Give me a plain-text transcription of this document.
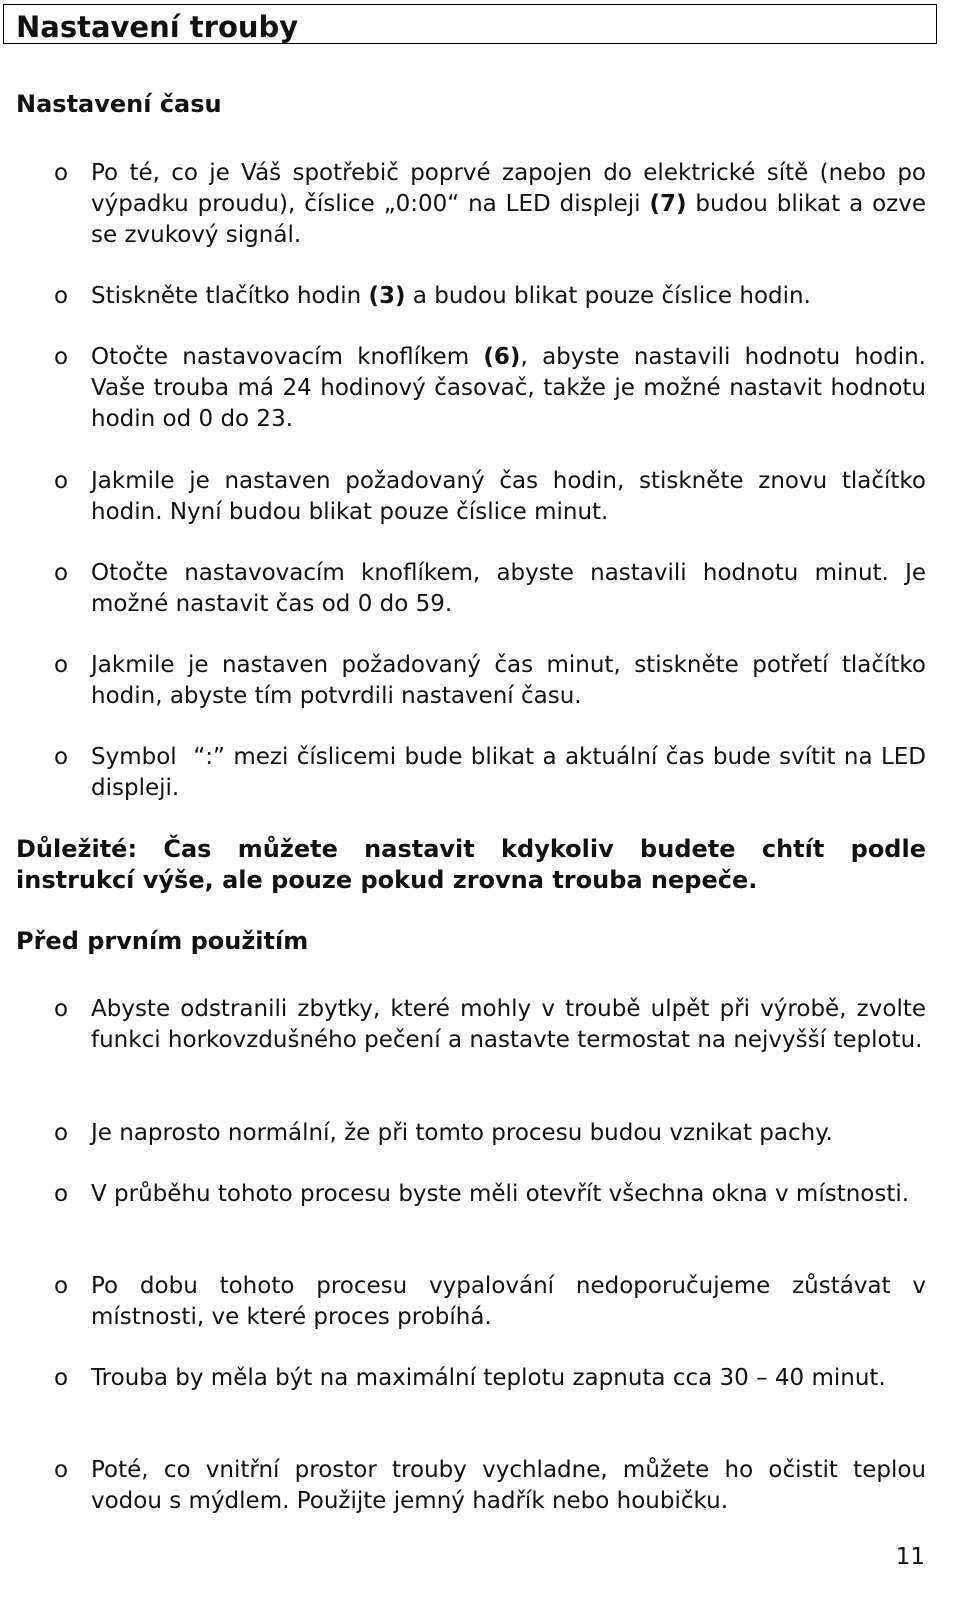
Nastavení trouby
Nastavení času
o Po té, co je Váš spotřebič poprvé zapojen do elektrické sítě (nebo po výpadku proudu), číslice „0:00“ na LED displeji (7) budou blikat a ozve se zvukový signál.

o Stiskněte tlačítko hodin (3) a budou blikat pouze číslice hodin.

o Otočte nastavovacím knoflíkem (6), abyste nastavili hodnotu hodin. Vaše trouba má 24 hodinový časovač, takže je možné nastavit hodnotu hodin od 0 do 23.

o Jakmile je nastaven požadovaný čas hodin, stiskněte znovu tlačítko hodin. Nyní budou blikat pouze číslice minut.

o Otočte nastavovacím knoflíkem, abyste nastavili hodnotu minut. Je možné nastavit čas od 0 do 59.

o Jakmile je nastaven požadovaný čas minut, stiskněte potřetí tlačítko hodin, abyste tím potvrdili nastavení času.

o Symbol  “:” mezi číslicemi bude blikat a aktuální čas bude svítit na LED displeji.

Důležité: Čas můžete nastavit kdykoliv budete chtít podle instrukcí výše, ale pouze pokud zrovna trouba nepeče.

Před prvním použitím
o Abyste odstranili zbytky, které mohly v troubě ulpět při výrobě, zvolte funkci horkovzdušného pečení a nastavte termostat na nejvyšší teplotu.

o Je naprosto normální, že při tomto procesu budou vznikat pachy.

o V průběhu tohoto procesu byste měli otevřít všechna okna v místnosti.

o Po dobu tohoto procesu vypalování nedoporučujeme zůstávat v místnosti, ve které proces probíhá.

o Trouba by měla být na maximální teplotu zapnuta cca 30 – 40 minut.

o Poté, co vnitřní prostor trouby vychladne, můžete ho očistit teplou vodou s mýdlem. Použijte jemný hadřík nebo houbičku.

11
